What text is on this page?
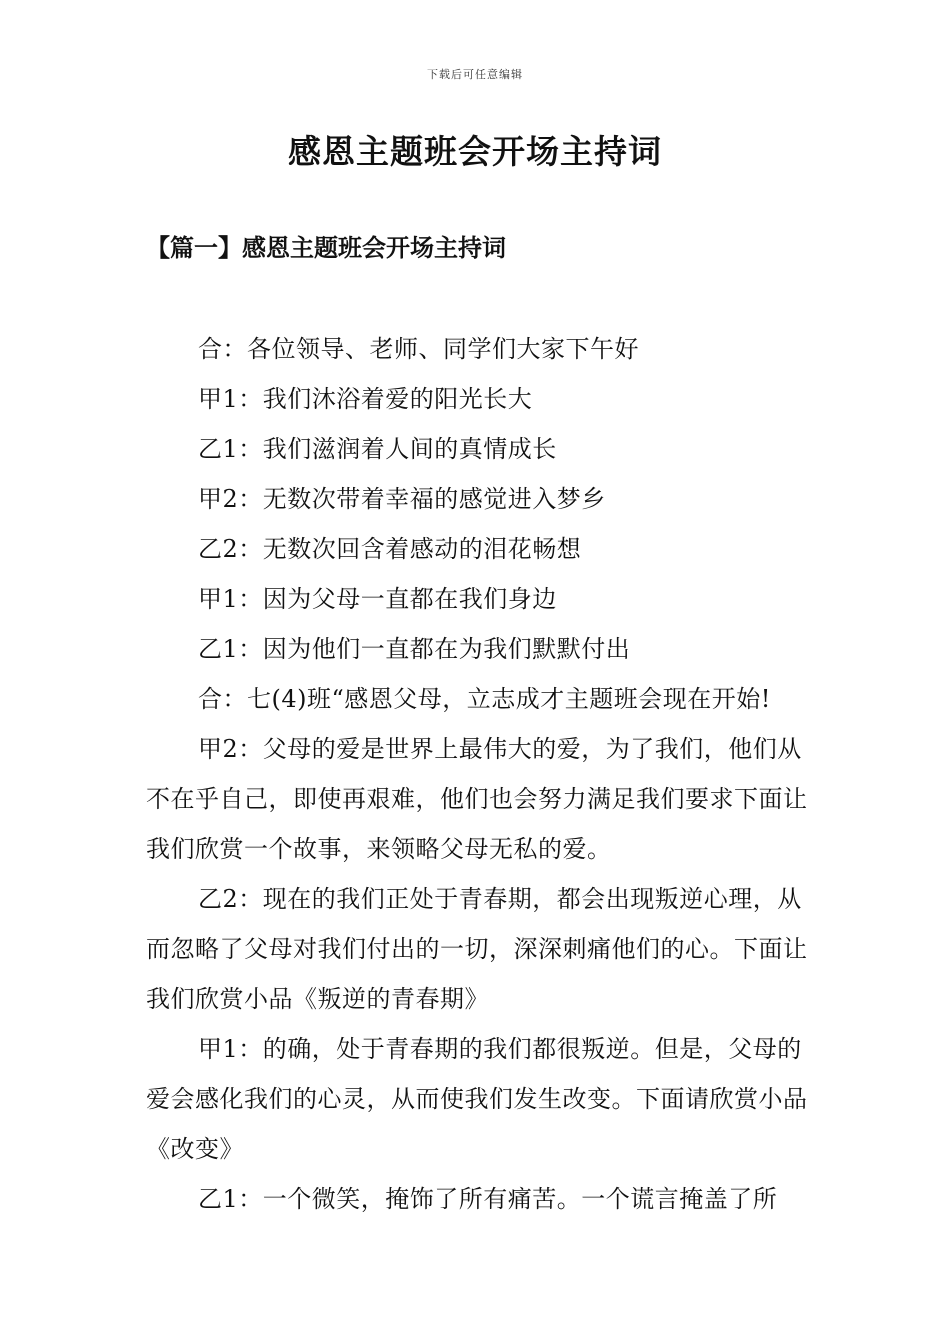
下载后可任意编辑
感恩主题班会开场主持词
【篇一】感恩主题班会开场主持词

合：各位领导、老师、同学们大家下午好

甲1：我们沐浴着爱的阳光长大

乙1：我们滋润着人间的真情成长

甲2：无数次带着幸福的感觉进入梦乡

乙2：无数次回含着感动的泪花畅想

甲1：因为父母一直都在我们身边

乙1：因为他们一直都在为我们默默付出

合：七(4)班“感恩父母，立志成才主题班会现在开始!

甲2：父母的爱是世界上最伟大的爱，为了我们，他们从不在乎自己，即使再艰难，他们也会努力满足我们要求下面让我们欣赏一个故事，来领略父母无私的爱。

乙2：现在的我们正处于青春期，都会出现叛逆心理，从而忽略了父母对我们付出的一切，深深刺痛他们的心。下面让我们欣赏小品《叛逆的青春期》

甲1：的确，处于青春期的我们都很叛逆。但是，父母的爱会感化我们的心灵，从而使我们发生改变。下面请欣赏小品《改变》

乙1：一个微笑，掩饰了所有痛苦。一个谎言掩盖了所
